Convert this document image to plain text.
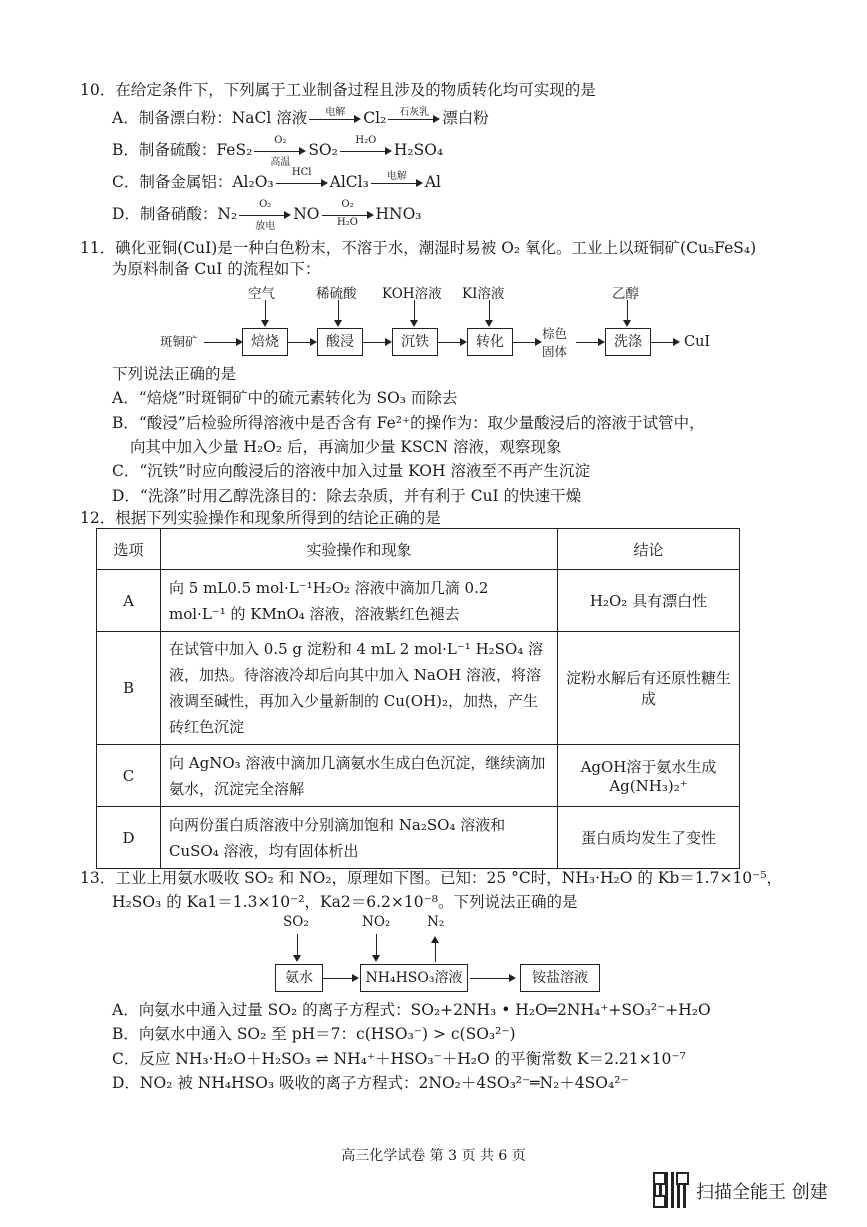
10．在给定条件下，下列属于工业制备过程且涉及的物质转化均可实现的是
A．制备漂白粉：NaCl 溶液	电解	Cl₂	石灰乳 漂白粉
B．制备硫酸：FeS₂
O₂
高温
SO₂
H₂O
H₂SO₄
C．制备金属铝：Al₂O₃
HCl
AlCl₃	电解	Al
D．制备硝酸：N₂
O₂
放电
NO $\frac{\text{O₂}}{\text{H₂O}} HNO_3$
11．碘化亚铜(CuI)是一种白色粉末，不溶于水，潮湿时易被 O₂ 氧化。工业上以斑铜矿(Cu₅FeS₄)
为原料制备 CuI 的流程如下：
斑铜矿
空气
焙烧
稀硫酸
酸浸
KOH溶液
沉铁
KI溶液
转化
棕色
固体
乙醇
洗涤	CuI
下列说法正确的是
A．“焙烧”时斑铜矿中的硫元素转化为 SO₃ 而除去
B．“酸浸”后检验所得溶液中是否含有 Fe²⁺的操作为：取少量酸浸后的溶液于试管中，
向其中加入少量 H₂O₂ 后，再滴加少量 KSCN 溶液，观察现象
C．“沉铁”时应向酸浸后的溶液中加入过量 KOH 溶液至不再产生沉淀
D．“洗涤”时用乙醇洗涤目的：除去杂质，并有利于 CuI 的快速干燥
12．根据下列实验操作和现象所得到的结论正确的是
选项	实验操作和现象	结论
A	向 5 mL0.5 mol·L⁻¹H₂O₂ 溶液中滴加几滴 0.2 mol·L⁻¹ 的 KMnO₄ 溶液，溶液紫红色褪去	H₂O₂ 具有漂白性
B	在试管中加入 0.5 g 淀粉和 4 mL 2 mol·L⁻¹ H₂SO₄ 溶液，加热。待溶液冷却后向其中加入 NaOH 溶液，将溶液调至碱性，再加入少量新制的 Cu(OH)₂，加热，产生砖红色沉淀	淀粉水解后有还原性糖生成
C	向 AgNO₃ 溶液中滴加几滴氨水生成白色沉淀，继续滴加氨水，沉淀完全溶解	AgOH溶于氨水生成 Ag(NH₃)₂⁺
D	向两份蛋白质溶液中分别滴加饱和 Na₂SO₄ 溶液和 CuSO₄ 溶液，均有固体析出	蛋白质均发生了变性
13．工业上用氨水吸收 SO₂ 和 NO₂，原理如下图。已知：25 °C时，NH₃·H₂O 的 Kb＝1.7×10⁻⁵，
H₂SO₃ 的 Ka1＝1.3×10⁻²，Ka2＝6.2×10⁻⁸。下列说法正确的是
SO₂	NO₂	N₂
氨水	NH₄HSO₃溶液	铵盐溶液
A．向氨水中通入过量 SO₂ 的离子方程式：SO₂+2NH₃ • H₂O═2NH₄⁺+SO₃²⁻+H₂O
B．向氨水中通入 SO₂ 至 pH＝7：c(HSO₃⁻) > c(SO₃²⁻)
C．反应 NH₃·H₂O＋H₂SO₃ ⇌ NH₄⁺＋HSO₃⁻＋H₂O 的平衡常数 K＝2.21×10⁻⁷
D．NO₂ 被 NH₄HSO₃ 吸收的离子方程式：2NO₂＋4SO₃²⁻═N₂＋4SO₄²⁻
高三化学试卷 第 3 页 共 6 页
扫描全能王 创建
